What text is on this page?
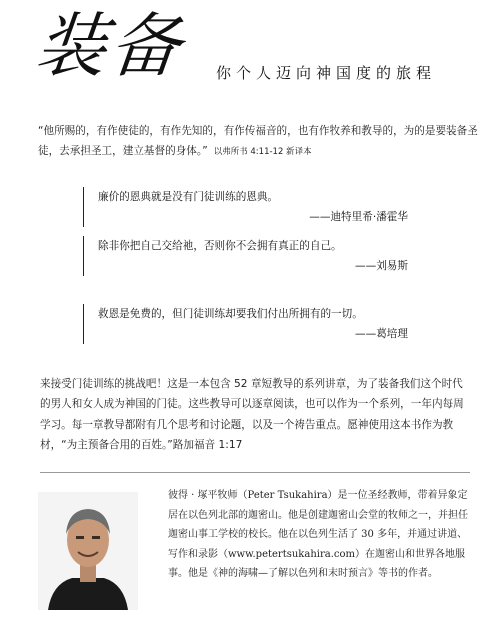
装备 你个人迈向神国度的旅程
“他所赐的，有作使徒的，有作先知的，有作传福音的，也有作牧养和教导的，为的是要装备圣徒，去承担圣工，建立基督的身体。” 以弗所书 4:11-12 新译本
廉价的恩典就是没有门徒训练的恩典。
——迪特里希·潘霍华
除非你把自己交给祂，否则你不会拥有真正的自己。
——刘易斯
救恩是免费的，但门徒训练却要我们付出所拥有的一切。
——葛培理
来接受门徒训练的挑战吧！这是一本包含 52 章短教导的系列讲章，为了装备我们这个时代的男人和女人成为神国的门徒。这些教导可以逐章阅读，也可以作为一个系列，一年内每周学习。每一章教导都附有几个思考和讨论题，以及一个祷告重点。愿神使用这本书作为教材，“为主预备合用的百姓。”路加福音 1:17
彼得 · 塚平牧师（Peter Tsukahira）是一位圣经教师，带着异象定居在以色列北部的迦密山。他是创建迦密山会堂的牧师之一，并担任迦密山事工学校的校长。他在以色列生活了 30 多年，并通过讲道、写作和录影（www.petertsukahira.com）在迦密山和世界各地服事。他是《神的海啸—了解以色列和末时预言》等书的作者。
